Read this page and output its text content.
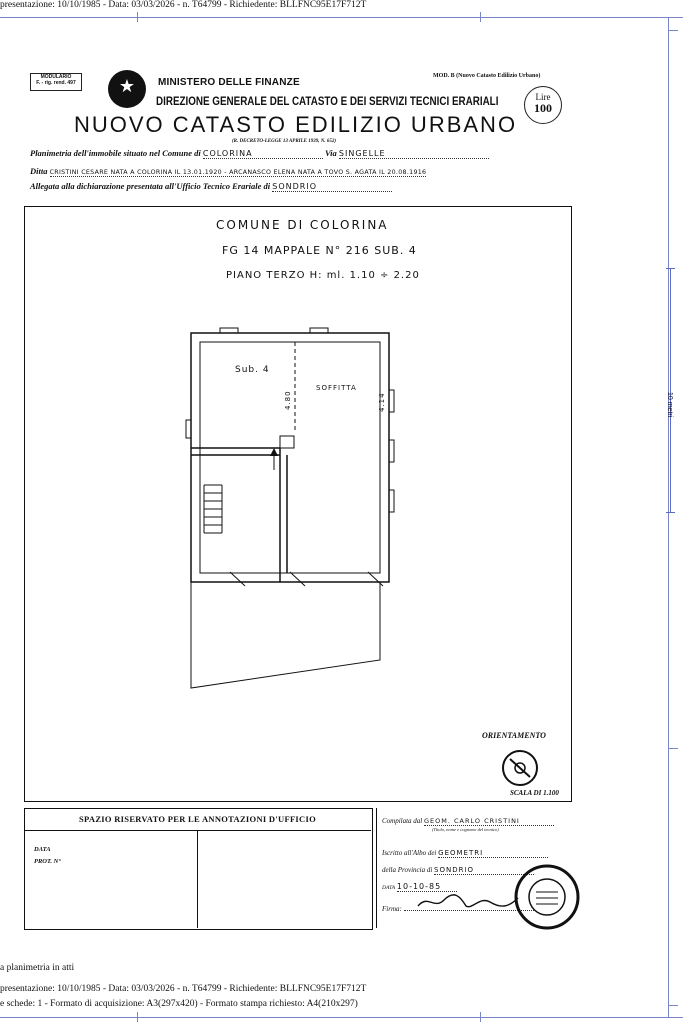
presentazione: 10/10/1985 - Data: 03/03/2026 - n. T64799 - Richiedente: BLLFNC95E17F712T
10 metri
MODULARIO
F. - rig. rend. 497	★	MINISTERO DELLE FINANZE
DIREZIONE GENERALE DEL CATASTO E DEI SERVIZI TECNICI ERARIALI
MOD. B (Nuovo Catasto Edilizio Urbano)
Lire
100
NUOVO CATASTO EDILIZIO URBANO
(R. DECRETO-LEGGE 13 APRILE 1939, N. 652)
Planimetria dell'immobile situato nel Comune di COLORINA	Via SINGELLE
Ditta CRISTINI CESARE NATA A COLORINA IL 13.01.1920 - ARCANASCO ELENA NATA A TOVO S. AGATA IL 20.08.1916
Allegata alla dichiarazione presentata all'Ufficio Tecnico Erariale di SONDRIO
COMUNE DI COLORINA
FG 14 MAPPALE N° 216 SUB. 4
PIANO TERZO H: ml. 1.10 ÷ 2.20
Sub. 4
SOFFITTA
4.80	4.14
ORIENTAMENTO
SCALA DI 1.100
SPAZIO RISERVATO PER LE ANNOTAZIONI D'UFFICIO
DATA
PROT. N°
Compilata dal GEOM. CARLO CRISTINI
(Titolo, nome e cognome del tecnico)
Iscritto all'Albo dei GEOMETRI
della Provincia di SONDRIO
DATA 10-10-85
Firma:
a planimetria in atti
presentazione: 10/10/1985 - Data: 03/03/2026 - n. T64799 - Richiedente: BLLFNC95E17F712T
e schede: 1 - Formato di acquisizione: A3(297x420) - Formato stampa richiesto: A4(210x297)
